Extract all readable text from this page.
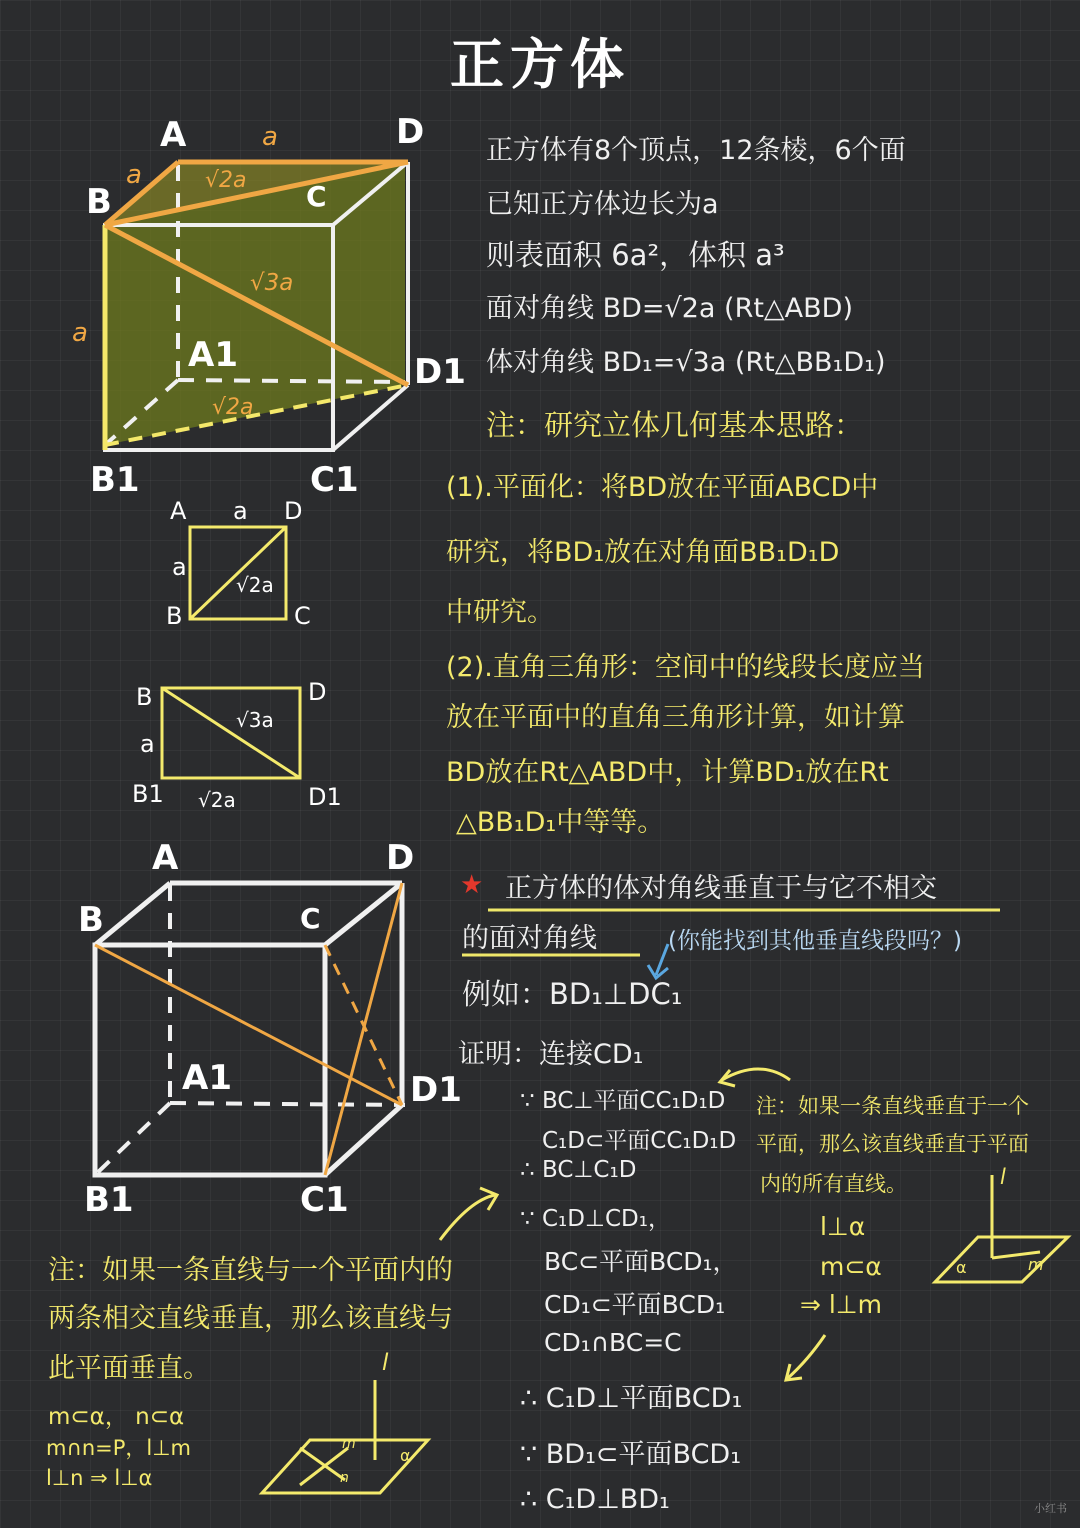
正方体
A	D
B	C
A1	D1
B1	C1
a
a
a
√2a
√3a
√2a
A	D
B	C
a
a
√2a
B	D
B1	D1
a
√2a
√3a
A	D
B	C
A1	D1
B1	C1
正方体有8个顶点，12条棱，6个面
已知正方体边长为a
则表面积 6a²，体积 a³
面对角线 BD=√2a (Rt△ABD)
体对角线 BD₁=√3a (Rt△BB₁D₁)
注：研究立体几何基本思路：
(1).平面化：将BD放在平面ABCD中
研究，将BD₁放在对角面BB₁D₁D
中研究。
(2).直角三角形：空间中的线段长度应当
放在平面中的直角三角形计算，如计算
BD放在Rt△ABD中，计算BD₁放在Rt
△BB₁D₁中等等。
★ 正方体的体对角线垂直于与它不相交
的面对角线	(你能找到其他垂直线段吗？)
例如：BD₁⊥DC₁
证明：连接CD₁
∵ BC⊥平面CC₁D₁D
C₁D⊂平面CC₁D₁D
∴ BC⊥C₁D
∵ C₁D⊥CD₁，
BC⊂平面BCD₁，
CD₁⊂平面BCD₁
CD₁∩BC=C
∴ C₁D⊥平面BCD₁
∵ BD₁⊂平面BCD₁
∴ C₁D⊥BD₁
注：如果一条直线垂直于一个
平面，那么该直线垂直于平面
内的所有直线。
l⊥α
m⊂α
⇒ l⊥m
l
α	m
注：如果一条直线与一个平面内的
两条相交直线垂直，那么该直线与
此平面垂直。
m⊂α， n⊂α
m∩n=P，l⊥m
l⊥n ⇒ l⊥α
l
α
m
n
小红书
